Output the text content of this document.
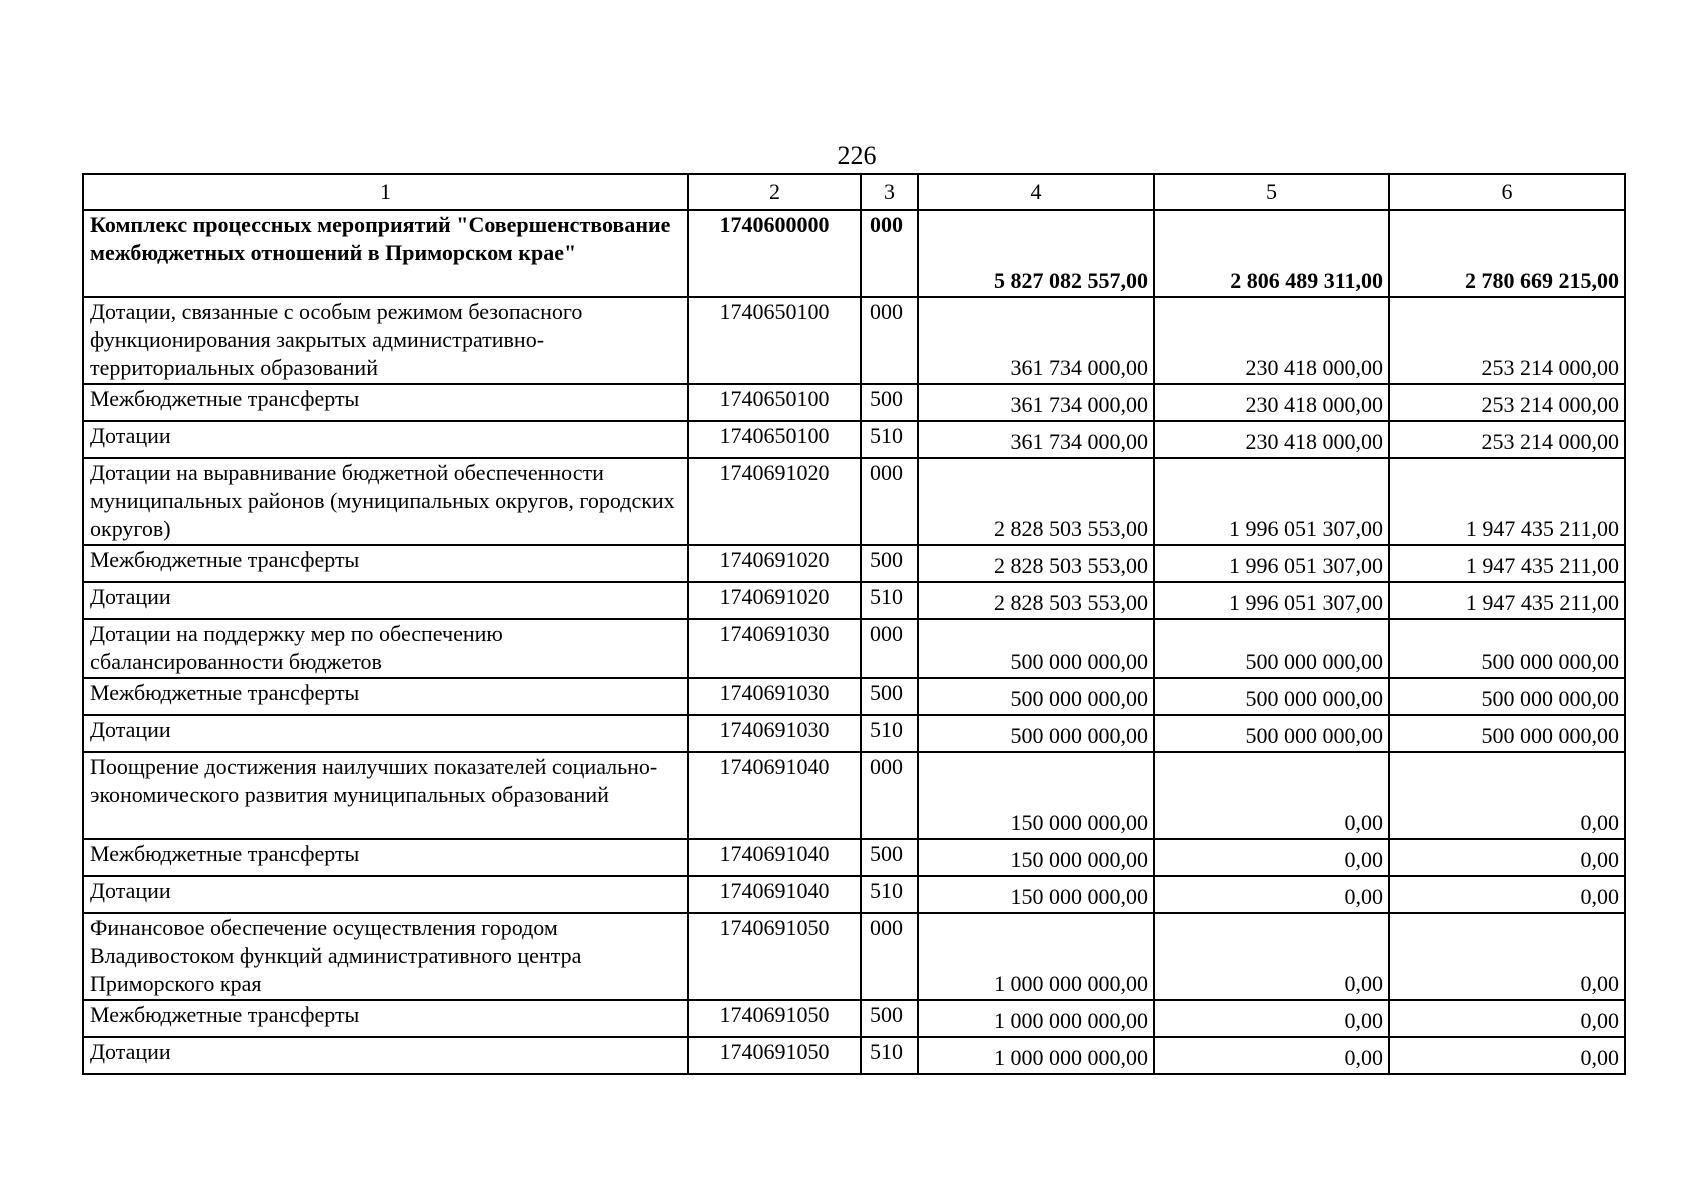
226
1	2	3	4	5	6
Комплекс процессных мероприятий "Совершенствование межбюджетных отношений в Приморском крае"	1740600000	000	5 827 082 557,00	2 806 489 311,00	2 780 669 215,00
Дотации, связанные с особым режимом безопасного функционирования закрытых административно-территориальных образований	1740650100	000	361 734 000,00	230 418 000,00	253 214 000,00
Межбюджетные трансферты	1740650100	500	361 734 000,00	230 418 000,00	253 214 000,00
Дотации	1740650100	510	361 734 000,00	230 418 000,00	253 214 000,00
Дотации на выравнивание бюджетной обеспеченности муниципальных районов (муниципальных округов, городских округов)	1740691020	000	2 828 503 553,00	1 996 051 307,00	1 947 435 211,00
Межбюджетные трансферты	1740691020	500	2 828 503 553,00	1 996 051 307,00	1 947 435 211,00
Дотации	1740691020	510	2 828 503 553,00	1 996 051 307,00	1 947 435 211,00
Дотации на поддержку мер по обеспечению сбалансированности бюджетов	1740691030	000	500 000 000,00	500 000 000,00	500 000 000,00
Межбюджетные трансферты	1740691030	500	500 000 000,00	500 000 000,00	500 000 000,00
Дотации	1740691030	510	500 000 000,00	500 000 000,00	500 000 000,00
Поощрение достижения наилучших показателей социально-экономического развития муниципальных образований	1740691040	000	150 000 000,00	0,00	0,00
Межбюджетные трансферты	1740691040	500	150 000 000,00	0,00	0,00
Дотации	1740691040	510	150 000 000,00	0,00	0,00
Финансовое обеспечение осуществления городом Владивостоком функций административного центра Приморского края	1740691050	000	1 000 000 000,00	0,00	0,00
Межбюджетные трансферты	1740691050	500	1 000 000 000,00	0,00	0,00
Дотации	1740691050	510	1 000 000 000,00	0,00	0,00
